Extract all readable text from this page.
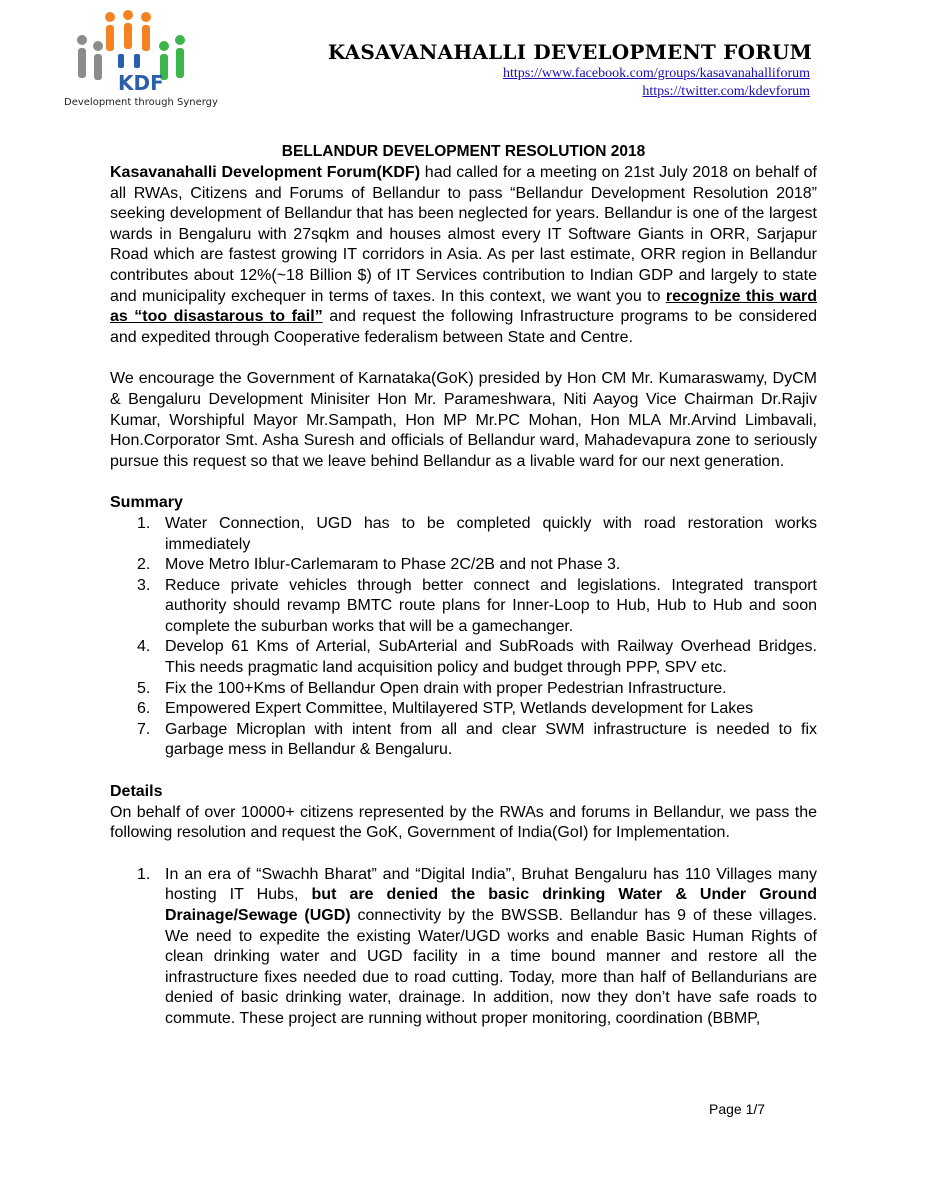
KDF
Development through Synergy
KASAVANAHALLI DEVELOPMENT FORUM
https://www.facebook.com/groups/kasavanahalliforum
https://twitter.com/kdevforum
BELLANDUR DEVELOPMENT RESOLUTION 2018

Kasavanahalli Development Forum(KDF) had called for a meeting on 21st July 2018 on behalf of all RWAs, Citizens and Forums of Bellandur to pass “Bellandur Development Resolution 2018” seeking development of Bellandur that has been neglected for years. Bellandur is one of the largest wards in Bengaluru with 27sqkm and houses almost every IT Software Giants in ORR, Sarjapur Road which are fastest growing IT corridors in Asia. As per last estimate, ORR region in Bellandur contributes about 12%(~18 Billion $) of IT Services contribution to Indian GDP and largely to state and municipality exchequer in terms of taxes. In this context, we want you to recognize this ward as “too disastarous to fail” and request the following Infrastructure programs to be considered and expedited through Cooperative federalism between State and Centre.

We encourage the Government of Karnataka(GoK) presided by Hon CM Mr. Kumaraswamy, DyCM & Bengaluru Development Minisiter Hon Mr. Parameshwara, Niti Aayog Vice Chairman Dr.Rajiv Kumar, Worshipful Mayor Mr.Sampath, Hon MP Mr.PC Mohan, Hon MLA Mr.Arvind Limbavali, Hon.Corporator Smt. Asha Suresh and officials of Bellandur ward, Mahadevapura zone to seriously pursue this request so that we leave behind Bellandur as a livable ward for our next generation.

Summary
1. Water Connection, UGD has to be completed quickly with road restoration works immediately
2. Move Metro Iblur-Carlemaram to Phase 2C/2B and not Phase 3.
3. Reduce private vehicles through better connect and legislations. Integrated transport authority should revamp BMTC route plans for Inner-Loop to Hub, Hub to Hub and soon complete the suburban works that will be a gamechanger.
4. Develop 61 Kms of Arterial, SubArterial and SubRoads with Railway Overhead Bridges. This needs pragmatic land acquisition policy and budget through PPP, SPV etc.
5. Fix the 100+Kms of Bellandur Open drain with proper Pedestrian Infrastructure.
6. Empowered Expert Committee, Multilayered STP, Wetlands development for Lakes
7. Garbage Microplan with intent from all and clear SWM infrastructure is needed to fix garbage mess in Bellandur & Bengaluru.
Details

On behalf of over 10000+ citizens represented by the RWAs and forums in Bellandur, we pass the following resolution and request the GoK, Government of India(GoI) for Implementation.

1. In an era of “Swachh Bharat” and “Digital India”, Bruhat Bengaluru has 110 Villages many hosting IT Hubs, but are denied the basic drinking Water & Under Ground Drainage/Sewage (UGD) connectivity by the BWSSB. Bellandur has 9 of these villages. We need to expedite the existing Water/UGD works and enable Basic Human Rights of clean drinking water and UGD facility in a time bound manner and restore all the infrastructure fixes needed due to road cutting. Today, more than half of Bellandurians are denied of basic drinking water, drainage. In addition, now they don’t have safe roads to commute. These project are running without proper monitoring, coordination (BBMP,
Page 1/7
